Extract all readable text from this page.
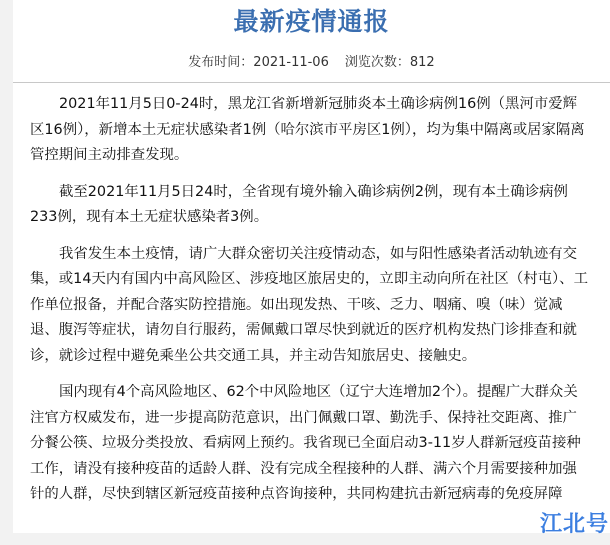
最新疫情通报
发布时间：2021-11-06 浏览次数：812

2021年11月5日0-24时，黑龙江省新增新冠肺炎本土确诊病例16例（黑河市爱辉区16例），新增本土无症状感染者1例（哈尔滨市平房区1例），均为集中隔离或居家隔离管控期间主动排查发现。

截至2021年11月5日24时，全省现有境外输入确诊病例2例，现有本土确诊病例233例，现有本土无症状感染者3例。

我省发生本土疫情，请广大群众密切关注疫情动态，如与阳性感染者活动轨迹有交集，或14天内有国内中高风险区、涉疫地区旅居史的，立即主动向所在社区（村屯）、工作单位报备，并配合落实防控措施。如出现发热、干咳、乏力、咽痛、嗅（味）觉减退、腹泻等症状，请勿自行服药，需佩戴口罩尽快到就近的医疗机构发热门诊排查和就诊，就诊过程中避免乘坐公共交通工具，并主动告知旅居史、接触史。

国内现有4个高风险地区、62个中风险地区（辽宁大连增加2个）。提醒广大群众关注官方权威发布，进一步提高防范意识，出门佩戴口罩、勤洗手、保持社交距离、推广分餐公筷、垃圾分类投放、看病网上预约。我省现已全面启动3-11岁人群新冠疫苗接种工作，请没有接种疫苗的适龄人群、没有完成全程接种的人群、满六个月需要接种加强针的人群，尽快到辖区新冠疫苗接种点咨询接种，共同构建抗击新冠病毒的免疫屏障

江北号
